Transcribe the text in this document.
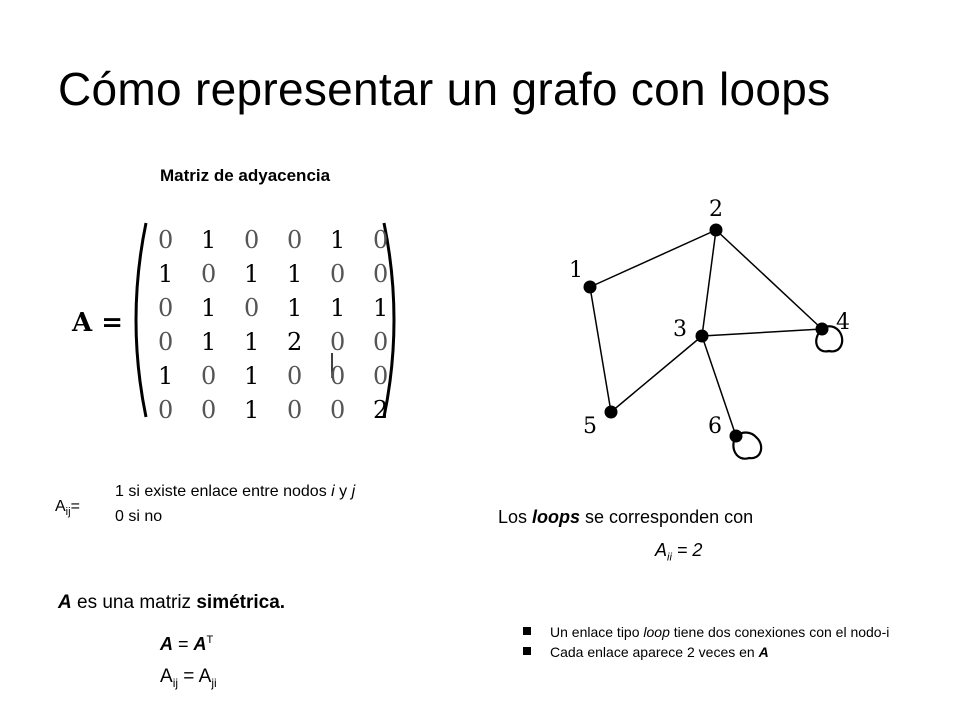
Cómo representar un grafo con loops
Matriz de adyacencia
A =
0 1 0 0 1 0
1 0 1 1 0 0
0 1 0 1 1 1
0 1 1 2 0 0
1 0 1 0 0 0
0 0 1 0 0 2
$A_{ij}=$
1 si existe enlace entre nodos i y j
0 si no
A es una matriz simétrica.
$A = A^T$
$A_{ij} = A_{ji}$
Los loops se corresponden con
$A_{ii} = 2$
Un enlace tipo loop tiene dos conexiones con el nodo-i
Cada enlace aparece 2 veces en A
1
2
3	4
5	6
